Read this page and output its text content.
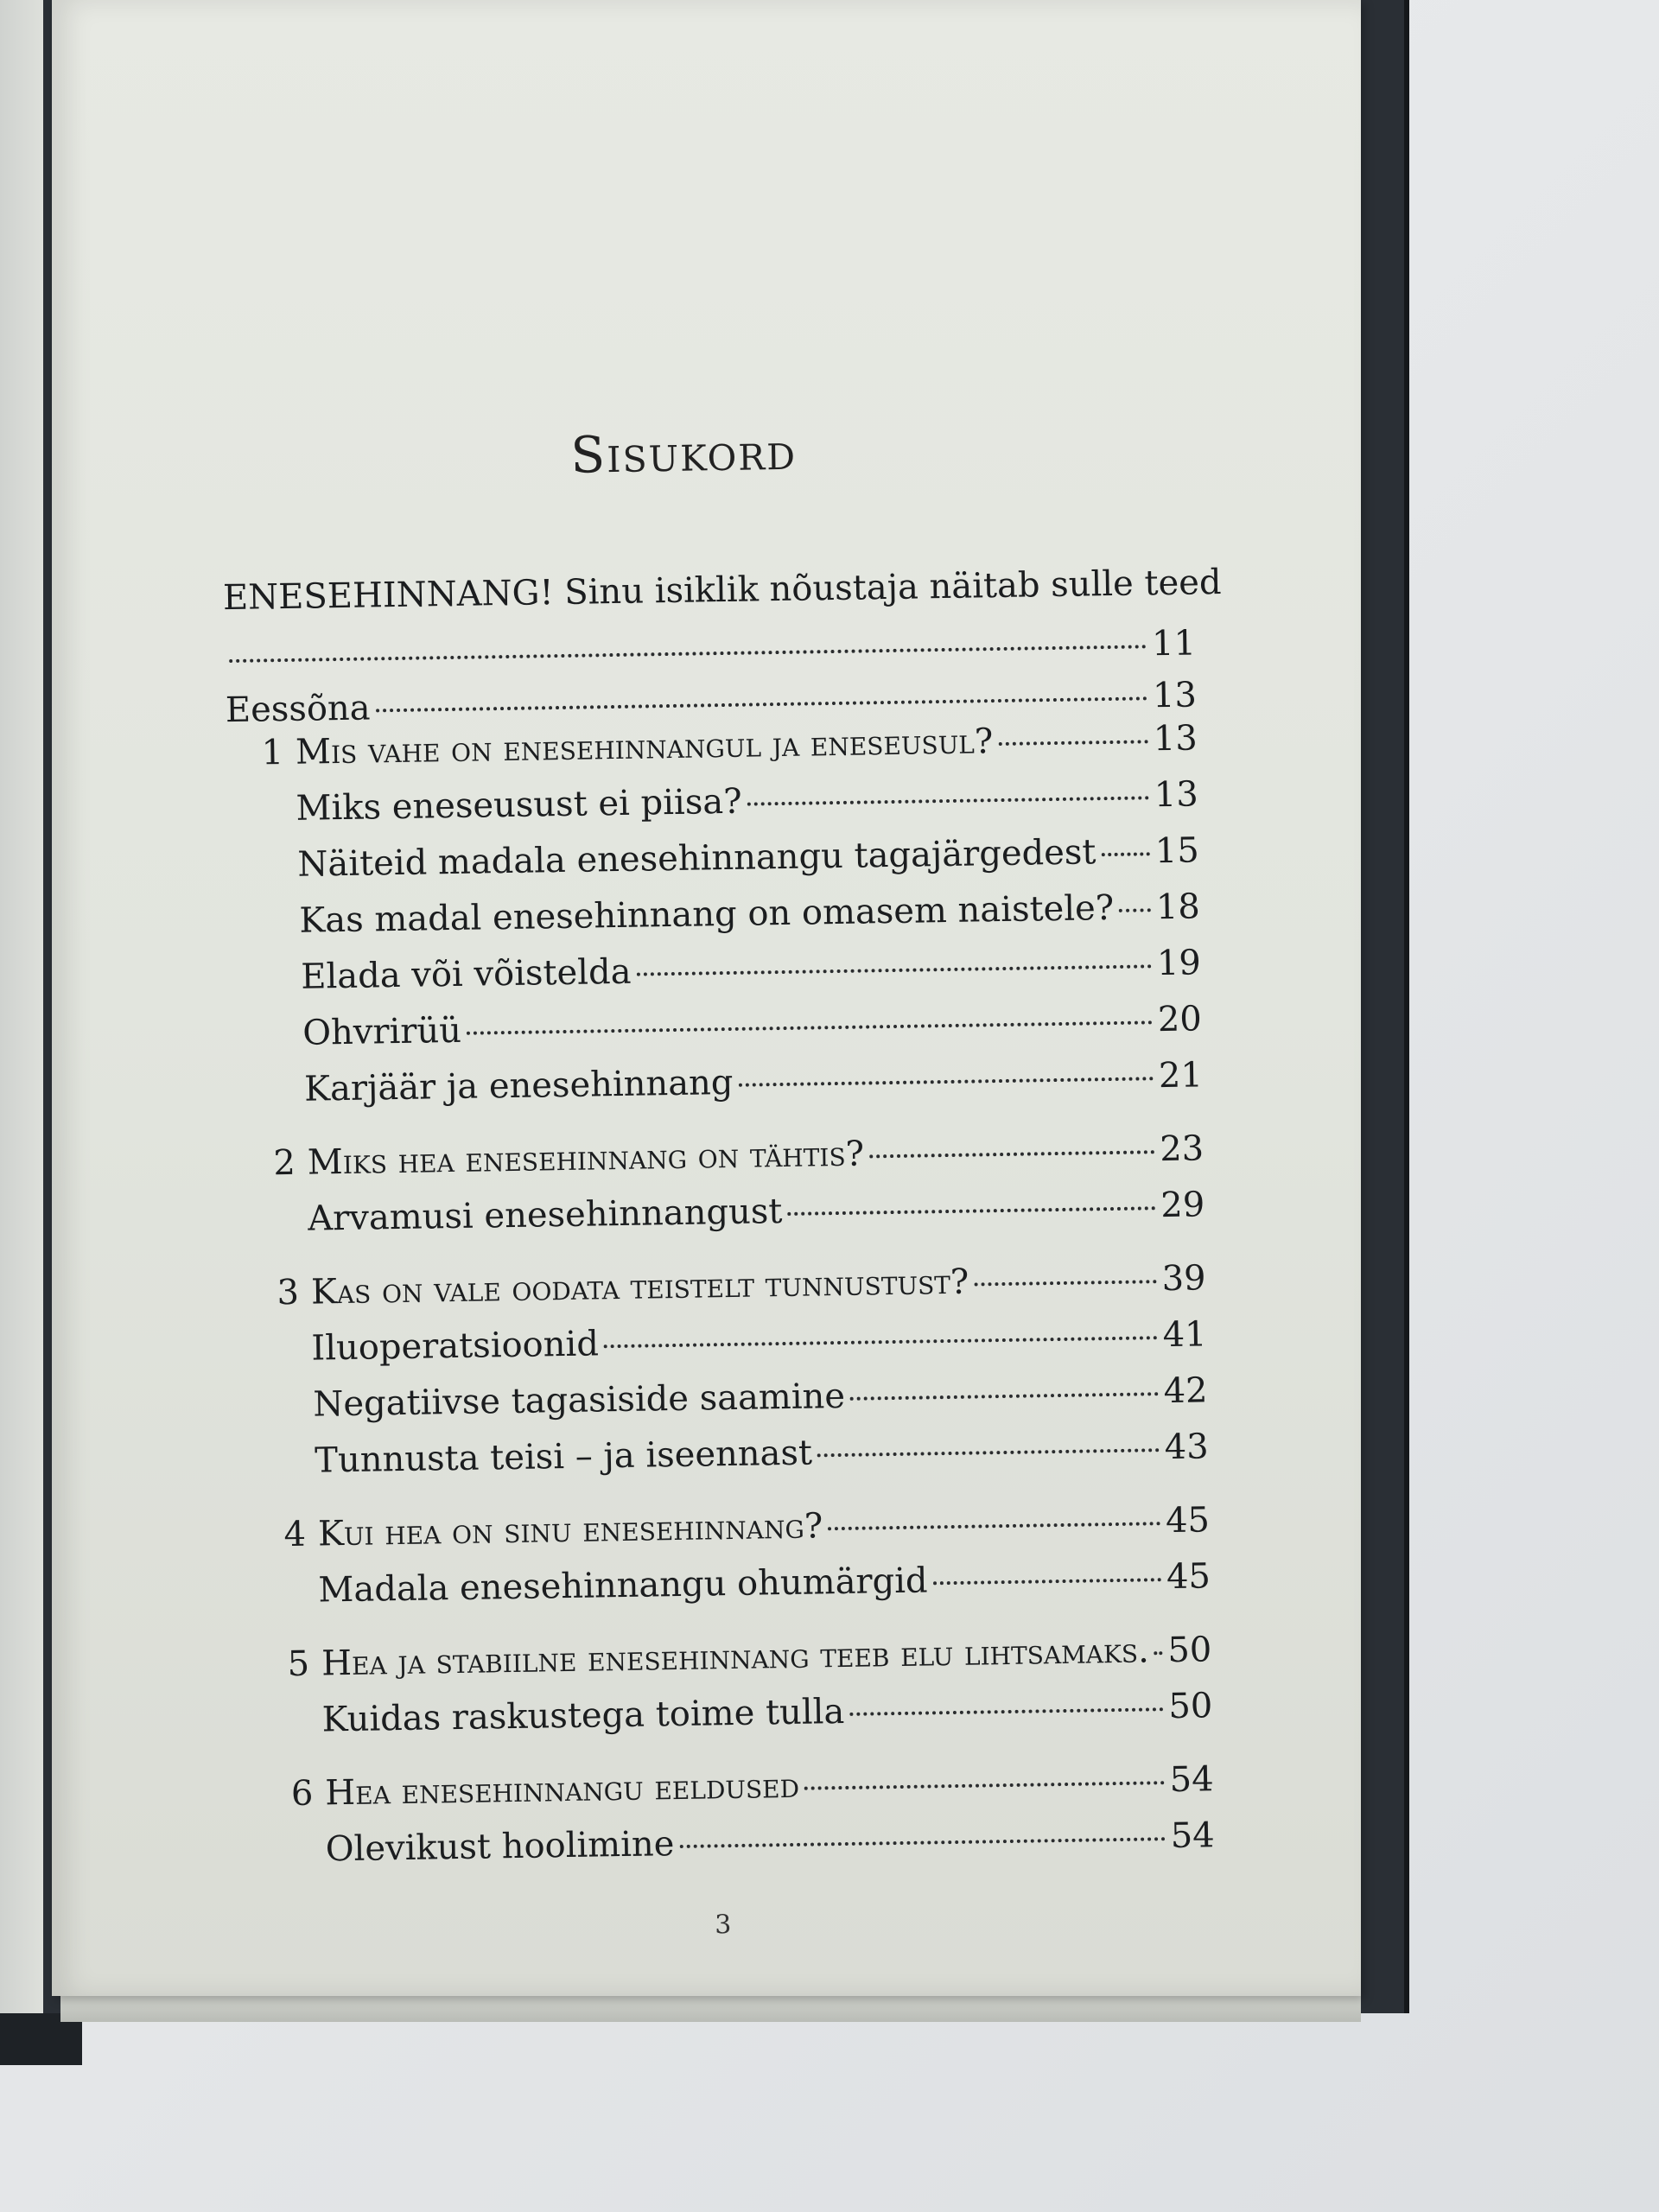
Sisukord
ENESEHINNANG! Sinu isiklik nõustaja näitab sulle teed
11
Eessõna	13
1 Mis vahe on enesehinnangul ja eneseusul?	13
Miks eneseusust ei piisa?	13
Näiteid madala enesehinnangu tagajärgedest 15
Kas madal enesehinnang on omasem naistele? 18
Elada või võistelda	19
Ohvrirüü	20
Karjäär ja enesehinnang	21
2 Miks hea enesehinnang on tähtis?	23
Arvamusi enesehinnangust	29
3 Kas on vale oodata teistelt tunnustust?	39
Iluoperatsioonid	41
Negatiivse tagasiside saamine	42
Tunnusta teisi – ja iseennast	43
4 Kui hea on sinu enesehinnang?	45
Madala enesehinnangu ohumärgid	45
5 Hea ja stabiilne enesehinnang teeb elu lihtsamaks. 50
Kuidas raskustega toime tulla	50
6 Hea enesehinnangu eeldused	54
Olevikust hoolimine	54
3
